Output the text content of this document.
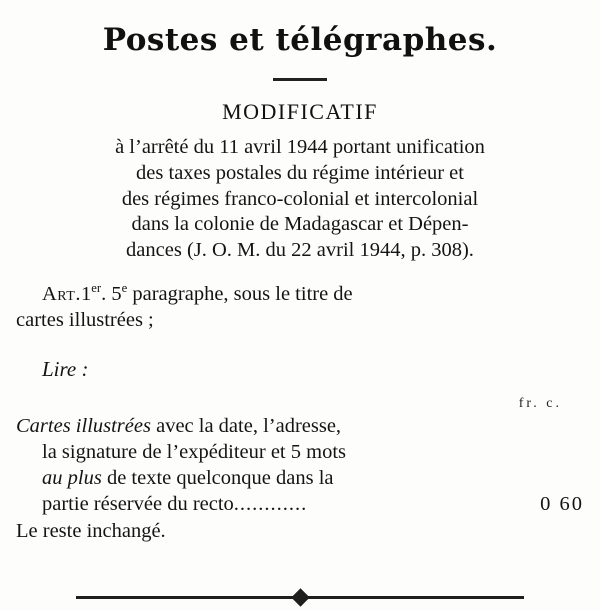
Postes et télégraphes.
MODIFICATIF
à l’arrêté du 11 avril 1944 portant unification
des taxes postales du régime intérieur et
des régimes franco-colonial et intercolonial
dans la colonie de Madagascar et Dépen-
dances (J. O. M. du 22 avril 1944, p. 308).
Art.1er. 5e paragraphe, sous le titre de
cartes illustrées ;
Lire :
fr. c.
Cartes illustrées avec la date, l’adresse,
la signature de l’expéditeur et 5 mots
au plus de texte quelconque dans la
0 60
partie réservée du recto............
Le reste inchangé.
